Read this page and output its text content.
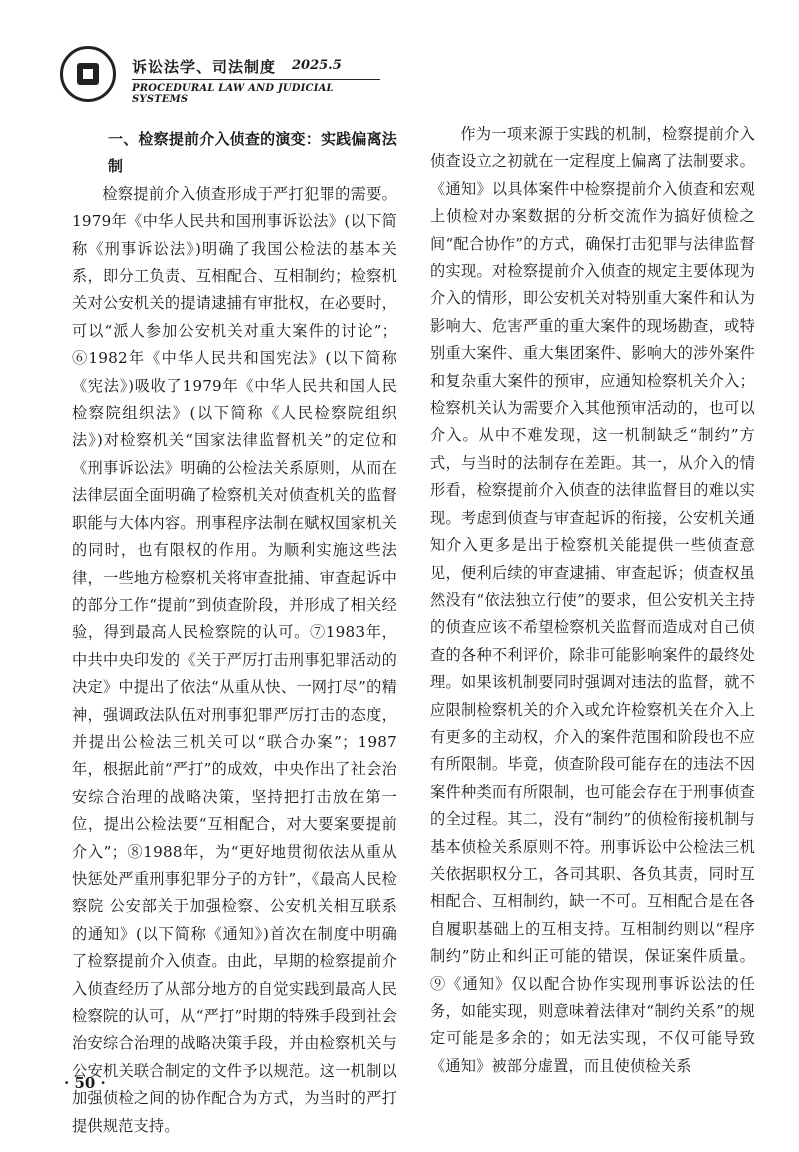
诉讼法学、司法制度 2025.5
PROCEDURAL LAW AND JUDICIAL SYSTEMS

一、检察提前介入侦查的演变：实践偏离法制

检察提前介入侦查形成于严打犯罪的需要。1979年《中华人民共和国刑事诉讼法》(以下简称《刑事诉讼法》)明确了我国公检法的基本关系，即分工负责、互相配合、互相制约；检察机关对公安机关的提请逮捕有审批权，在必要时，可以“派人参加公安机关对重大案件的讨论”；⑥1982年《中华人民共和国宪法》(以下简称《宪法》)吸收了1979年《中华人民共和国人民检察院组织法》(以下简称《人民检察院组织法》)对检察机关“国家法律监督机关”的定位和《刑事诉讼法》明确的公检法关系原则，从而在法律层面全面明确了检察机关对侦查机关的监督职能与大体内容。刑事程序法制在赋权国家机关的同时，也有限权的作用。为顺利实施这些法律，一些地方检察机关将审查批捕、审查起诉中的部分工作“提前”到侦查阶段，并形成了相关经验，得到最高人民检察院的认可。⑦1983年，中共中央印发的《关于严厉打击刑事犯罪活动的决定》中提出了依法“从重从快、一网打尽”的精神，强调政法队伍对刑事犯罪严厉打击的态度，并提出公检法三机关可以“联合办案”；1987年，根据此前“严打”的成效，中央作出了社会治安综合治理的战略决策，坚持把打击放在第一位，提出公检法要“互相配合，对大要案要提前介入”；⑧1988年，为“更好地贯彻依法从重从快惩处严重刑事犯罪分子的方针”，《最高人民检察院 公安部关于加强检察、公安机关相互联系的通知》(以下简称《通知》)首次在制度中明确了检察提前介入侦查。由此，早期的检察提前介入侦查经历了从部分地方的自觉实践到最高人民检察院的认可，从“严打”时期的特殊手段到社会治安综合治理的战略决策手段，并由检察机关与公安机关联合制定的文件予以规范。这一机制以加强侦检之间的协作配合为方式，为当时的严打提供规范支持。

作为一项来源于实践的机制，检察提前介入侦查设立之初就在一定程度上偏离了法制要求。《通知》以具体案件中检察提前介入侦查和宏观上侦检对办案数据的分析交流作为搞好侦检之间“配合协作”的方式，确保打击犯罪与法律监督的实现。对检察提前介入侦查的规定主要体现为介入的情形，即公安机关对特别重大案件和认为影响大、危害严重的重大案件的现场勘查，或特别重大案件、重大集团案件、影响大的涉外案件和复杂重大案件的预审，应通知检察机关介入；检察机关认为需要介入其他预审活动的，也可以介入。从中不难发现，这一机制缺乏“制约”方式，与当时的法制存在差距。其一，从介入的情形看，检察提前介入侦查的法律监督目的难以实现。考虑到侦查与审查起诉的衔接，公安机关通知介入更多是出于检察机关能提供一些侦查意见，便利后续的审查逮捕、审查起诉；侦查权虽然没有“依法独立行使”的要求，但公安机关主持的侦查应该不希望检察机关监督而造成对自己侦查的各种不利评价，除非可能影响案件的最终处理。如果该机制要同时强调对违法的监督，就不应限制检察机关的介入或允许检察机关在介入上有更多的主动权，介入的案件范围和阶段也不应有所限制。毕竟，侦查阶段可能存在的违法不因案件种类而有所限制，也可能会存在于刑事侦查的全过程。其二，没有“制约”的侦检衔接机制与基本侦检关系原则不符。刑事诉讼中公检法三机关依据职权分工，各司其职、各负其责，同时互相配合、互相制约，缺一不可。互相配合是在各自履职基础上的互相支持。互相制约则以“程序制约”防止和纠正可能的错误，保证案件质量。⑨《通知》仅以配合协作实现刑事诉讼法的任务，如能实现，则意味着法律对“制约关系”的规定可能是多余的；如无法实现，不仅可能导致《通知》被部分虚置，而且使侦检关系

· 50 ·
